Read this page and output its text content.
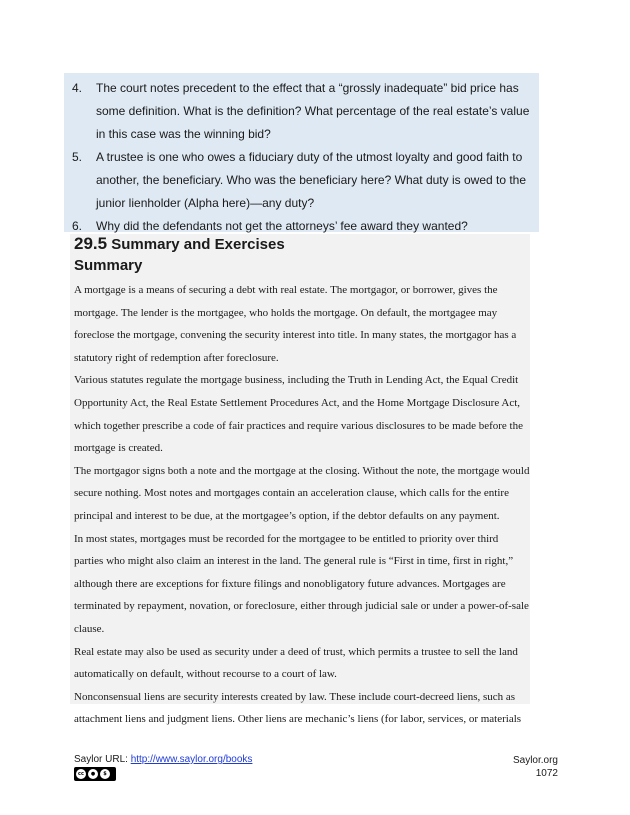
4.	The court notes precedent to the effect that a “grossly inadequate” bid price has some definition. What is the definition? What percentage of the real estate’s value in this case was the winning bid?
5.	A trustee is one who owes a fiduciary duty of the utmost loyalty and good faith to another, the beneficiary. Who was the beneficiary here? What duty is owed to the junior lienholder (Alpha here)—any duty?
6.	Why did the defendants not get the attorneys’ fee award they wanted?
29.5 Summary and Exercises
Summary

A mortgage is a means of securing a debt with real estate. The mortgagor, or borrower, gives the mortgage. The lender is the mortgagee, who holds the mortgage. On default, the mortgagee may foreclose the mortgage, convening the security interest into title. In many states, the mortgagor has a statutory right of redemption after foreclosure.

Various statutes regulate the mortgage business, including the Truth in Lending Act, the Equal Credit Opportunity Act, the Real Estate Settlement Procedures Act, and the Home Mortgage Disclosure Act, which together prescribe a code of fair practices and require various disclosures to be made before the mortgage is created.

The mortgagor signs both a note and the mortgage at the closing. Without the note, the mortgage would secure nothing. Most notes and mortgages contain an acceleration clause, which calls for the entire principal and interest to be due, at the mortgagee’s option, if the debtor defaults on any payment.

In most states, mortgages must be recorded for the mortgagee to be entitled to priority over third parties who might also claim an interest in the land. The general rule is “First in time, first in right,” although there are exceptions for fixture filings and nonobligatory future advances. Mortgages are terminated by repayment, novation, or foreclosure, either through judicial sale or under a power-of-sale clause.

Real estate may also be used as security under a deed of trust, which permits a trustee to sell the land automatically on default, without recourse to a court of law.

Nonconsensual liens are security interests created by law. These include court-decreed liens, such as attachment liens and judgment liens. Other liens are mechanic’s liens (for labor, services, or materials

Saylor URL: http://www.saylor.org/books
cc	●	$
Saylor.org
1072
